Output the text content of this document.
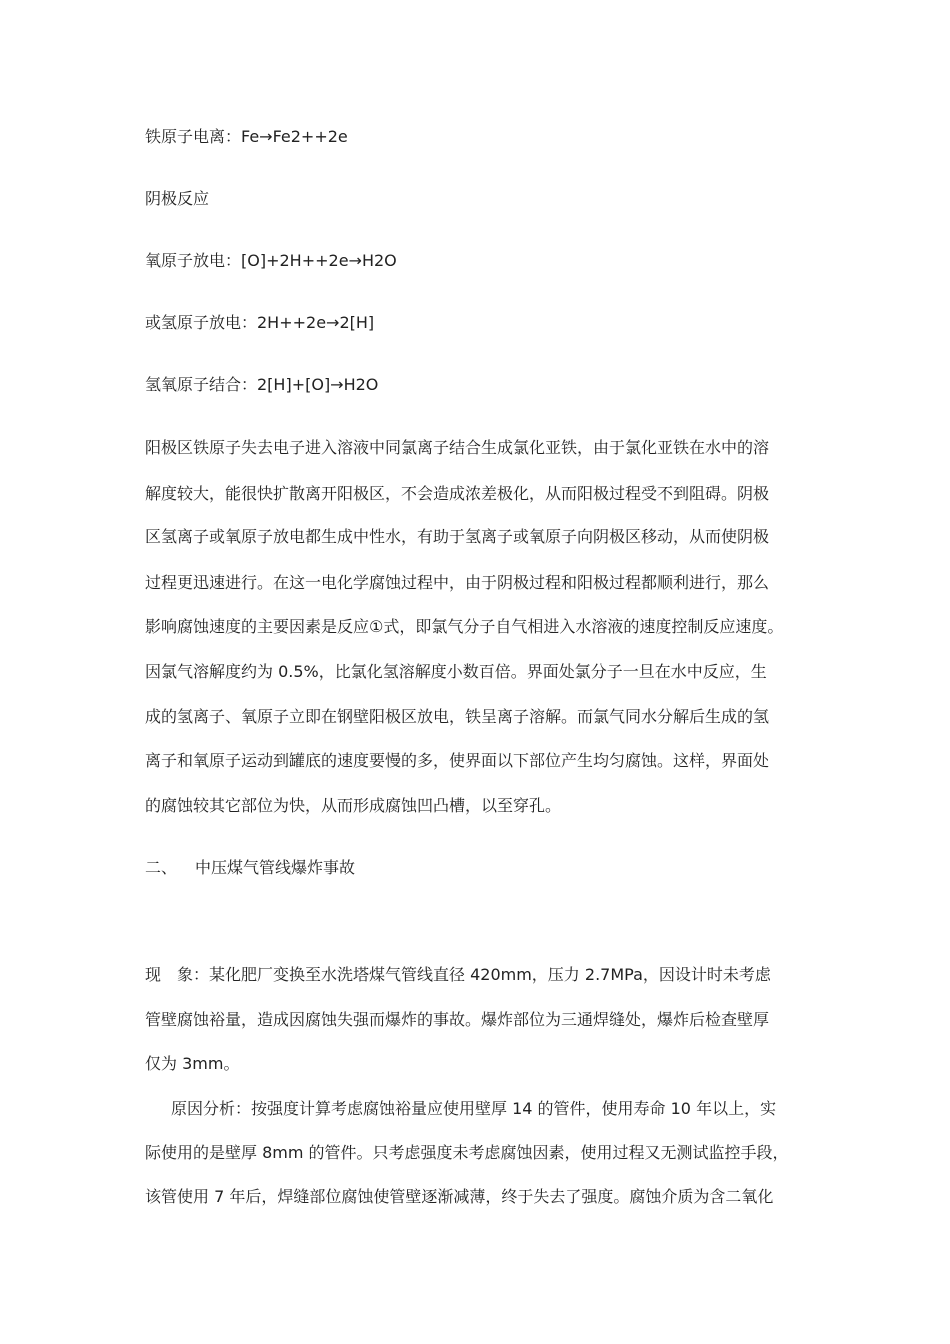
铁原子电离：Fe→Fe2++2e

阴极反应

氧原子放电：[O]+2H++2e→H2O

或氢原子放电：2H++2e→2[H]

氢氧原子结合：2[H]+[O]→H2O

阳极区铁原子失去电子进入溶液中同氯离子结合生成氯化亚铁，由于氯化亚铁在水中的溶

解度较大，能很快扩散离开阳极区，不会造成浓差极化，从而阳极过程受不到阻碍。阴极

区氢离子或氧原子放电都生成中性水，有助于氢离子或氧原子向阴极区移动，从而使阴极

过程更迅速进行。在这一电化学腐蚀过程中，由于阴极过程和阳极过程都顺利进行，那么

影响腐蚀速度的主要因素是反应①式，即氯气分子自气相进入水溶液的速度控制反应速度。

因氯气溶解度约为 0.5%，比氯化氢溶解度小数百倍。界面处氯分子一旦在水中反应，生

成的氢离子、氧原子立即在钢壁阳极区放电，铁呈离子溶解。而氯气同水分解后生成的氢

离子和氧原子运动到罐底的速度要慢的多，使界面以下部位产生均匀腐蚀。这样，界面处

的腐蚀较其它部位为快，从而形成腐蚀凹凸槽，以至穿孔。

二、 中压煤气管线爆炸事故

现　象：某化肥厂变换至水洗塔煤气管线直径 420mm，压力 2.7MPa，因设计时未考虑

管壁腐蚀裕量，造成因腐蚀失强而爆炸的事故。爆炸部位为三通焊缝处，爆炸后检查壁厚

仅为 3mm。

原因分析：按强度计算考虑腐蚀裕量应使用壁厚 14 的管件，使用寿命 10 年以上，实

际使用的是壁厚 8mm 的管件。只考虑强度未考虑腐蚀因素，使用过程又无测试监控手段，

该管使用 7 年后，焊缝部位腐蚀使管壁逐渐减薄，终于失去了强度。腐蚀介质为含二氧化
